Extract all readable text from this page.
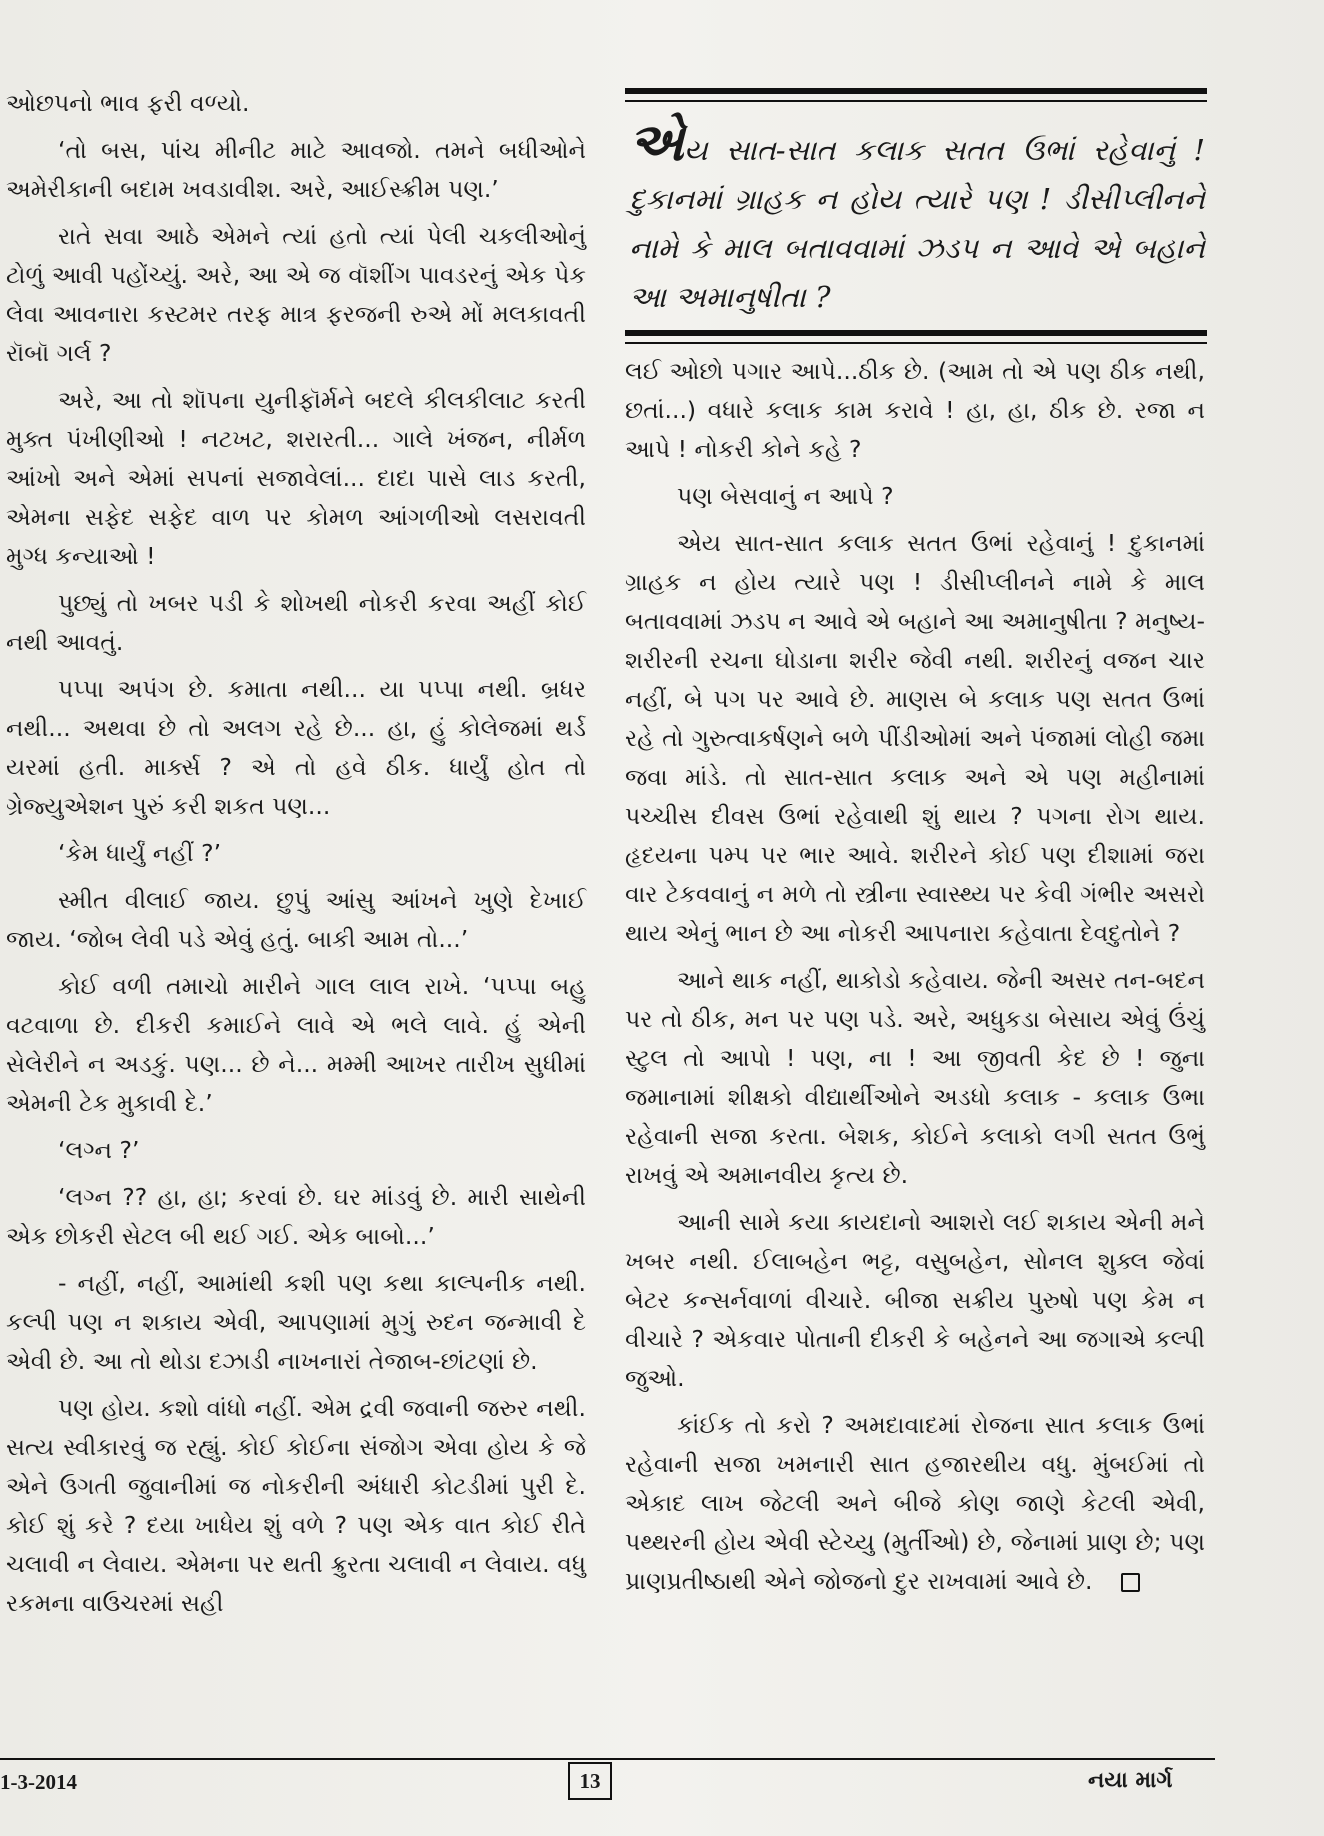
ઓછપનો ભાવ ફરી વળ્યો.

‘તો બસ, પાંચ મીનીટ માટે આવજો. તમને બધીઓને અમેરીકાની બદામ ખવડાવીશ. અરે, આઈસ્ક્રીમ પણ.’

રાતે સવા આઠે એમને ત્યાં હતો ત્યાં પેલી ચકલીઓનું ટોળું આવી પહોંચ્યું. અરે, આ એ જ વૉશીંગ પાવડરનું એક પેક લેવા આવનારા કસ્ટમર તરફ માત્ર ફરજની રુએ મોં મલકાવતી રૉબૉ ગર્લ ?

અરે, આ તો શૉપના યુનીફૉર્મને બદલે કીલકીલાટ કરતી મુક્ત પંખીણીઓ ! નટખટ, શરારતી... ગાલે ખંજન, નીર્મળ આંખો અને એમાં સપનાં સજાવેલાં... દાદા પાસે લાડ કરતી, એમના સફેદ સફેદ વાળ પર કોમળ આંગળીઓ લસરાવતી મુગ્ધ કન્યાઓ !

પુછ્યું તો ખબર પડી કે શોખથી નોકરી કરવા અહીં કોઈ નથી આવતું.

પપ્પા અપંગ છે. કમાતા નથી... યા પપ્પા નથી. બ્રધર નથી... અથવા છે તો અલગ રહે છે... હા, હું કોલેજમાં થર્ડ યરમાં હતી. માર્ક્સ ? એ તો હવે ઠીક. ધાર્યું હોત તો ગ્રેજ્યુએશન પુરું કરી શકત પણ...

‘કેમ ધાર્યું નહીં ?’

સ્મીત વીલાઈ જાય. છુપું આંસુ આંખને ખુણે દેખાઈ જાય. ‘જોબ લેવી પડે એવું હતું. બાકી આમ તો...’

કોઈ વળી તમાચો મારીને ગાલ લાલ રાખે. ‘પપ્પા બહુ વટવાળા છે. દીકરી કમાઈને લાવે એ ભલે લાવે. હું એની સેલેરીને ન અડકું. પણ... છે ને... મમ્મી આખર તારીખ સુધીમાં એમની ટેક મુકાવી દે.’

‘લગ્ન ?’

‘લગ્ન ?? હા, હા; કરવાં છે. ઘર માંડવું છે. મારી સાથેની એક છોકરી સેટલ બી થઈ ગઈ. એક બાબો...’

- નહીં, નહીં, આમાંથી કશી પણ કથા કાલ્પનીક નથી. કલ્પી પણ ન શકાય એવી, આપણામાં મુગું રુદન જન્માવી દે એવી છે. આ તો થોડા દઝાડી નાખનારાં તેજાબ-છાંટણાં છે.

પણ હોય. કશો વાંધો નહીં. એમ દ્રવી જવાની જરુર નથી. સત્ય સ્વીકારવું જ રહ્યું. કોઈ કોઈના સંજોગ એવા હોય કે જે એને ઉગતી જુવાનીમાં જ નોકરીની અંધારી કોટડીમાં પુરી દે. કોઈ શું કરે ? દયા ખાધેય શું વળે ? પણ એક વાત કોઈ રીતે ચલાવી ન લેવાય. એમના પર થતી ક્રુરતા ચલાવી ન લેવાય. વધુ રકમના વાઉચરમાં સહી

એય સાત-સાત કલાક સતત ઉભાં રહેવાનું ! દુકાનમાં ગ્રાહક ન હોય ત્યારે પણ ! ડીસીપ્લીનને નામે કે માલ બતાવવામાં ઝડપ ન આવે એ બહાને આ અમાનુષીતા ?

લઈ ઓછો પગાર આપે...ઠીક છે. (આમ તો એ પણ ઠીક નથી, છતાં...) વધારે કલાક કામ કરાવે ! હા, હા, ઠીક છે. રજા ન આપે ! નોકરી કોને કહે ?

પણ બેસવાનું ન આપે ?

એય સાત-સાત કલાક સતત ઉભાં રહેવાનું ! દુકાનમાં ગ્રાહક ન હોય ત્યારે પણ ! ડીસીપ્લીનને નામે કે માલ બતાવવામાં ઝડપ ન આવે એ બહાને આ અમાનુષીતા ? મનુષ્ય- શરીરની રચના ઘોડાના શરીર જેવી નથી. શરીરનું વજન ચાર નહીં, બે પગ પર આવે છે. માણસ બે કલાક પણ સતત ઉભાં રહે તો ગુરુત્વાકર્ષણને બળે પીંડીઓમાં અને પંજામાં લોહી જમા જવા માંડે. તો સાત-સાત કલાક અને એ પણ મહીનામાં પચ્ચીસ દીવસ ઉભાં રહેવાથી શું થાય ? પગના રોગ થાય. હૃદયના પમ્પ પર ભાર આવે. શરીરને કોઈ પણ દીશામાં જરા વાર ટેકવવાનું ન મળે તો સ્ત્રીના સ્વાસ્થ્ય પર કેવી ગંભીર અસરો થાય એનું ભાન છે આ નોકરી આપનારા કહેવાતા દેવદુતોને ?

આને થાક નહીં, થાકોડો કહેવાય. જેની અસર તન-બદન પર તો ઠીક, મન પર પણ પડે. અરે, અધુકડા બેસાય એવું ઉંચું સ્ટુલ તો આપો ! પણ, ના ! આ જીવતી કેદ છે ! જુના જમાનામાં શીક્ષકો વીદ્યાર્થીઓને અડધો કલાક - કલાક ઉભા રહેવાની સજા કરતા. બેશક, કોઈને કલાકો લગી સતત ઉભું રાખવું એ અમાનવીય કૃત્ય છે.

આની સામે કયા કાયદાનો આશરો લઈ શકાય એની મને ખબર નથી. ઈલાબહેન ભટ્ટ, વસુબહેન, સોનલ શુક્લ જેવાં બેટર કન્સર્નવાળાં વીચારે. બીજા સક્રીય પુરુષો પણ કેમ ન વીચારે ? એકવાર પોતાની દીકરી કે બહેનને આ જગાએ કલ્પી જુઓ.

કાંઈક તો કરો ? અમદાવાદમાં રોજના સાત કલાક ઉભાં રહેવાની સજા ખમનારી સાત હજારથીય વધુ. મુંબઈમાં તો એકાદ લાખ જેટલી અને બીજે કોણ જાણે કેટલી એવી, પથ્થરની હોય એવી સ્ટેચ્યુ (મુર્તીઓ) છે, જેનામાં પ્રાણ છે; પણ પ્રાણપ્રતીષ્ઠાથી એને જોજનો દુર રાખવામાં આવે છે.

1-3-2014	13	નયા માર્ગ
